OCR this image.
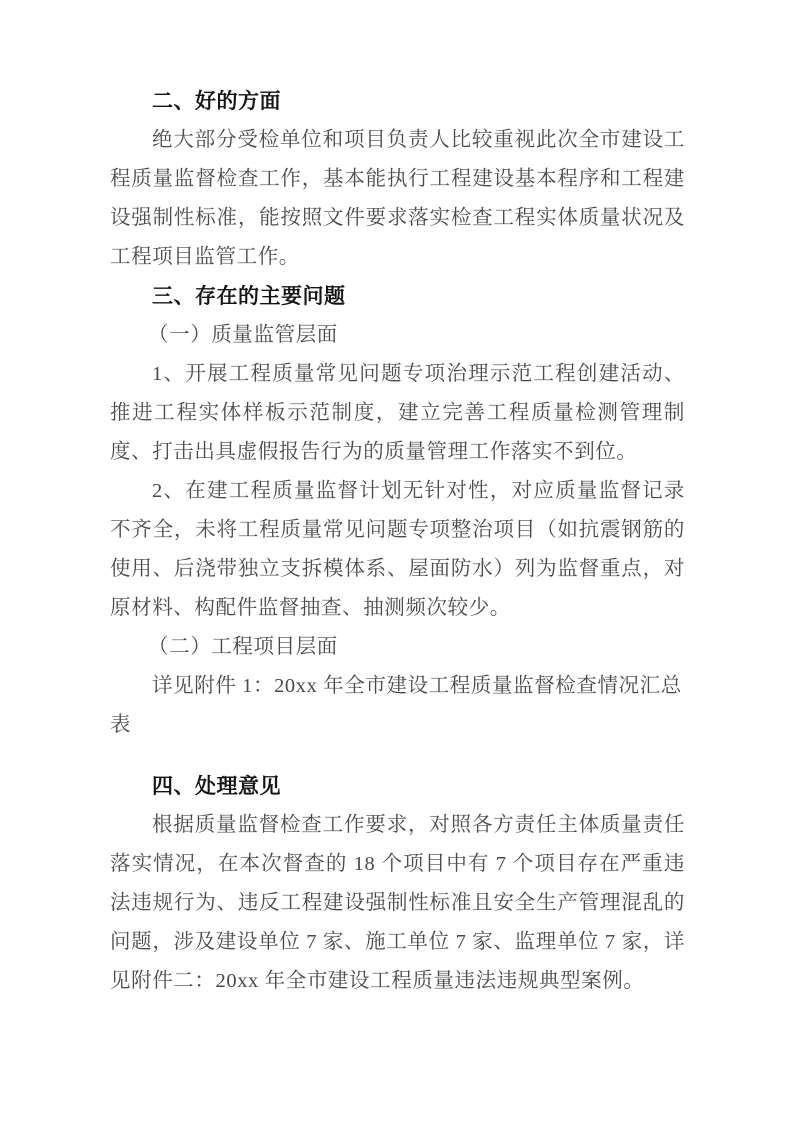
二、好的方面

绝大部分受检单位和项目负责人比较重视此次全市建设工程质量监督检查工作，基本能执行工程建设基本程序和工程建设强制性标准，能按照文件要求落实检查工程实体质量状况及工程项目监管工作。

三、存在的主要问题
（一）质量监管层面

1、开展工程质量常见问题专项治理示范工程创建活动、推进工程实体样板示范制度，建立完善工程质量检测管理制度、打击出具虚假报告行为的质量管理工作落实不到位。

2、在建工程质量监督计划无针对性，对应质量监督记录不齐全，未将工程质量常见问题专项整治项目（如抗震钢筋的使用、后浇带独立支拆模体系、屋面防水）列为监督重点，对原材料、构配件监督抽查、抽测频次较少。

（二）工程项目层面

详见附件 1：20xx 年全市建设工程质量监督检查情况汇总表

四、处理意见

根据质量监督检查工作要求，对照各方责任主体质量责任落实情况，在本次督查的 18 个项目中有 7 个项目存在严重违法违规行为、违反工程建设强制性标准且安全生产管理混乱的问题，涉及建设单位 7 家、施工单位 7 家、监理单位 7 家，详见附件二：20xx 年全市建设工程质量违法违规典型案例。
